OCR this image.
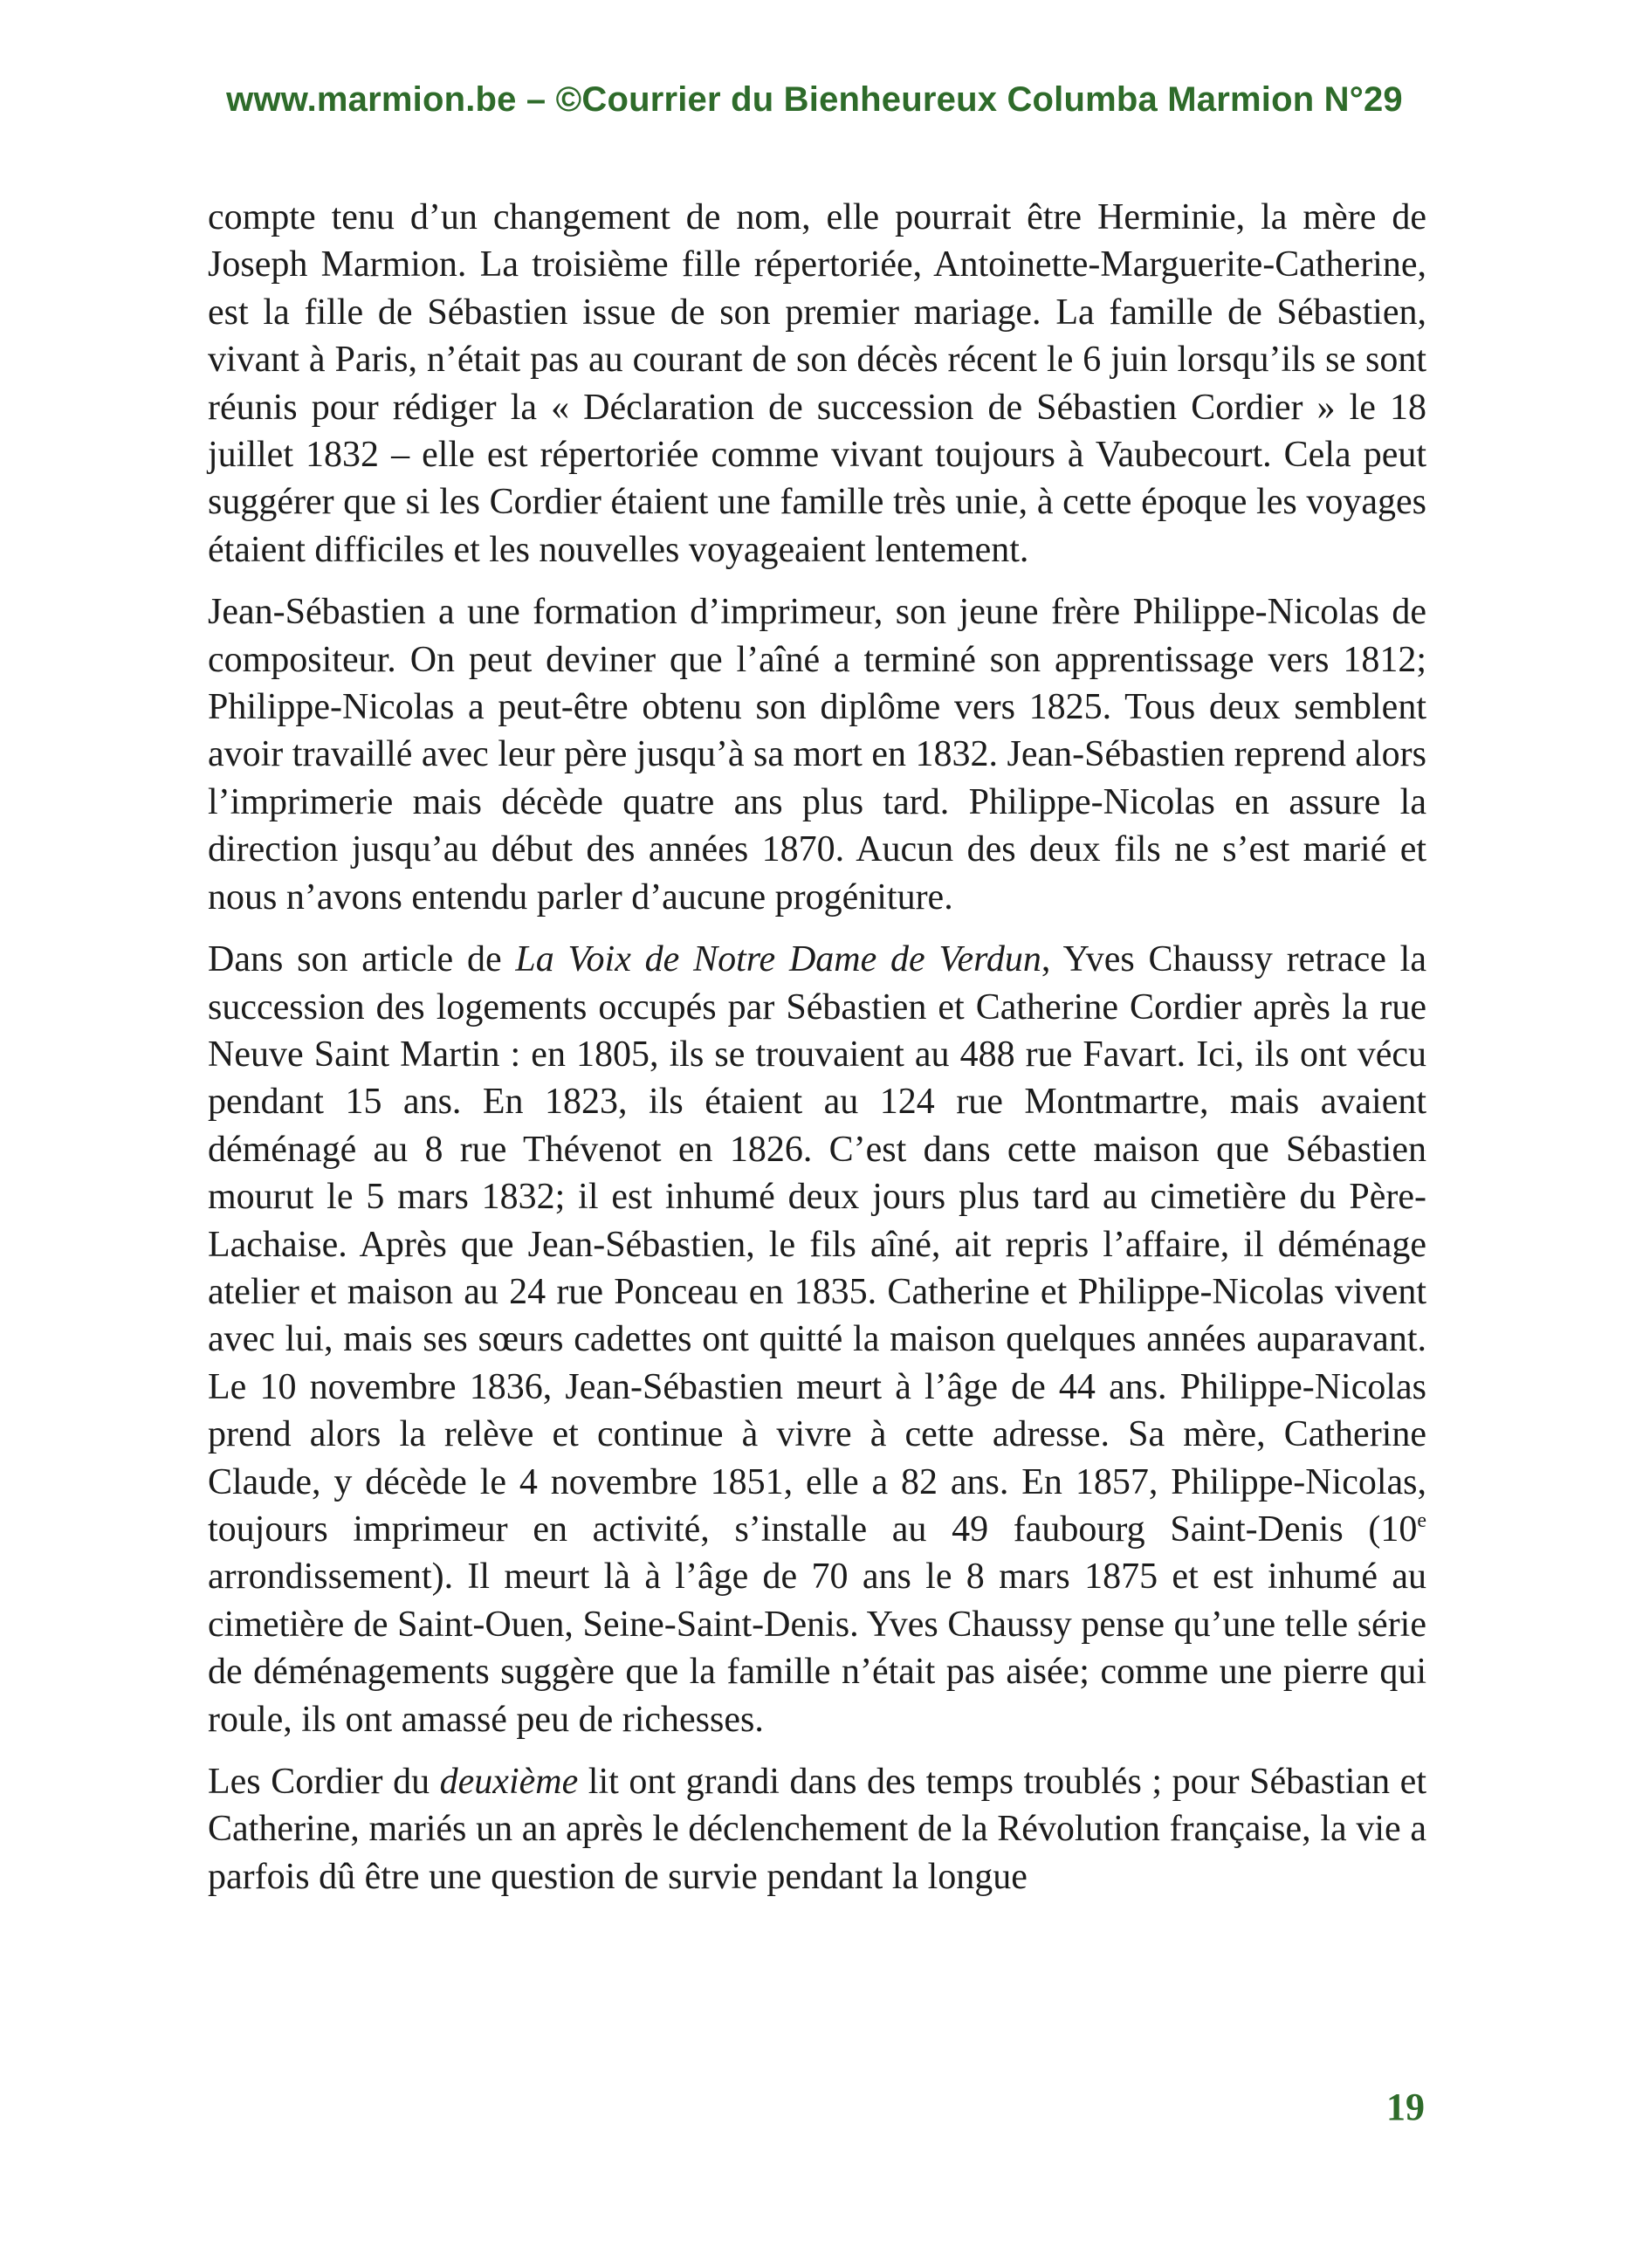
www.marmion.be – ©Courrier du Bienheureux Columba Marmion N°29

compte tenu d’un changement de nom, elle pourrait être Herminie, la mère de Joseph Marmion. La troisième fille répertoriée, Antoinette-Marguerite-Catherine, est la fille de Sébastien issue de son premier mariage. La famille de Sébastien, vivant à Paris, n’était pas au courant de son décès récent le 6 juin lorsqu’ils se sont réunis pour rédiger la « Déclaration de succession de Sébastien Cordier » le 18 juillet 1832 – elle est répertoriée comme vivant toujours à Vaubecourt. Cela peut suggérer que si les Cordier étaient une famille très unie, à cette époque les voyages étaient difficiles et les nouvelles voyageaient lentement.

Jean-Sébastien a une formation d’imprimeur, son jeune frère Philippe-Nicolas de compositeur. On peut deviner que l’aîné a terminé son apprentissage vers 1812; Philippe-Nicolas a peut-être obtenu son diplôme vers 1825. Tous deux semblent avoir travaillé avec leur père jusqu’à sa mort en 1832. Jean-Sébastien reprend alors l’imprimerie mais décède quatre ans plus tard. Philippe-Nicolas en assure la direction jusqu’au début des années 1870. Aucun des deux fils ne s’est marié et nous n’avons entendu parler d’aucune progéniture.

Dans son article de La Voix de Notre Dame de Verdun, Yves Chaussy retrace la succession des logements occupés par Sébastien et Catherine Cordier après la rue Neuve Saint Martin : en 1805, ils se trouvaient au 488 rue Favart. Ici, ils ont vécu pendant 15 ans. En 1823, ils étaient au 124 rue Montmartre, mais avaient déménagé au 8 rue Thévenot en 1826. C’est dans cette maison que Sébastien mourut le 5 mars 1832; il est inhumé deux jours plus tard au cimetière du Père-Lachaise. Après que Jean-Sébastien, le fils aîné, ait repris l’affaire, il déménage atelier et maison au 24 rue Ponceau en 1835. Catherine et Philippe-Nicolas vivent avec lui, mais ses sœurs cadettes ont quitté la maison quelques années auparavant. Le 10 novembre 1836, Jean-Sébastien meurt à l’âge de 44 ans. Philippe-Nicolas prend alors la relève et continue à vivre à cette adresse. Sa mère, Catherine Claude, y décède le 4 novembre 1851, elle a 82 ans. En 1857, Philippe-Nicolas, toujours imprimeur en activité, s’installe au 49 faubourg Saint-Denis (10e arrondissement). Il meurt là à l’âge de 70 ans le 8 mars 1875 et est inhumé au cimetière de Saint-Ouen, Seine-Saint-Denis. Yves Chaussy pense qu’une telle série de déménagements suggère que la famille n’était pas aisée; comme une pierre qui roule, ils ont amassé peu de richesses.

Les Cordier du deuxième lit ont grandi dans des temps troublés ; pour Sébastian et Catherine, mariés un an après le déclenchement de la Révolution française, la vie a parfois dû être une question de survie pendant la longue

19
